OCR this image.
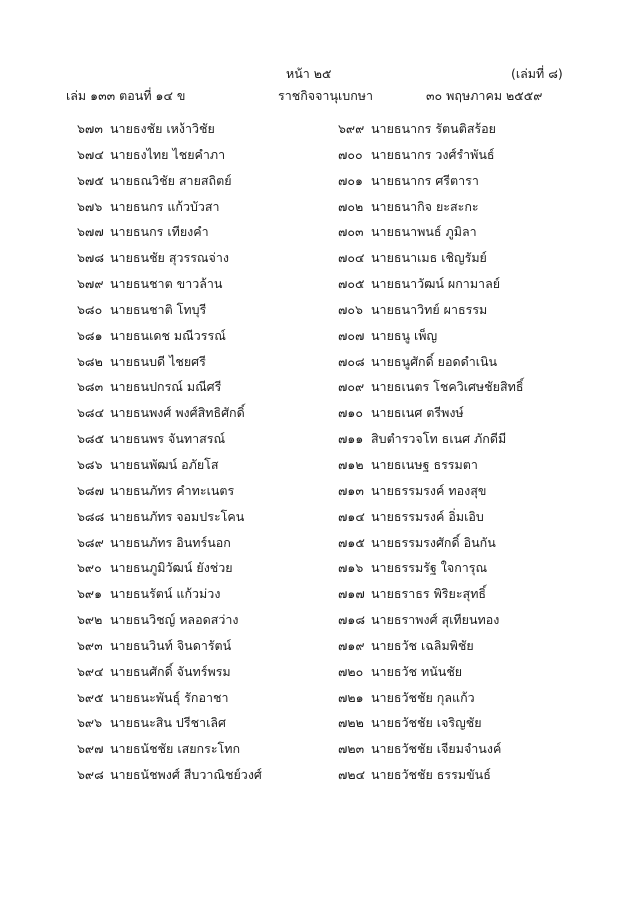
หน้า ๒๕	(เล่มที่ ๘)
เล่ม ๑๓๓ ตอนที่ ๑๔ ข	ราชกิจจานุเบกษา	๓๐ พฤษภาคม ๒๕๕๙
๖๗๓ นายธงชัย เหง้าวิชัย
๖๗๔ นายธงไทย ไชยคำภา
๖๗๕ นายธณวิชัย สายสถิตย์
๖๗๖ นายธนกร แก้วบัวสา
๖๗๗ นายธนกร เทียงคำ
๖๗๘ นายธนชัย สุวรรณจ่าง
๖๗๙ นายธนชาต ขาวล้าน
๖๘๐ นายธนชาติ โทบุรี
๖๘๑ นายธนเดช มณีวรรณ์
๖๘๒ นายธนบดี ไชยศรี
๖๘๓ นายธนปกรณ์ มณีศรี
๖๘๔ นายธนพงศ์ พงศ์สิทธิศักดิ์
๖๘๕ นายธนพร จันทาสรณ์
๖๘๖ นายธนพัฒน์ อภัยโส
๖๘๗ นายธนภัทร คำทะเนตร
๖๘๘ นายธนภัทร จอมประโคน
๖๘๙ นายธนภัทร อินทร์นอก
๖๙๐ นายธนภูมิวัฒน์ ยังช่วย
๖๙๑ นายธนรัตน์ แก้วม่วง
๖๙๒ นายธนวิชญ์ หลอดสว่าง
๖๙๓ นายธนวินท์ จินดารัตน์
๖๙๔ นายธนศักดิ์ จันทร์พรม
๖๙๕ นายธนะพันธุ์ รักอาชา
๖๙๖ นายธนะสิน ปรีชาเลิศ
๖๙๗ นายธนัชชัย เสยกระโทก
๖๙๘ นายธนัชพงศ์ สีบวาณิชย์วงศ์
๖๙๙ นายธนากร รัตนติสร้อย
๗๐๐ นายธนากร วงศ์รำพันธ์
๗๐๑ นายธนากร ศรีตารา
๗๐๒ นายธนากิจ ยะสะกะ
๗๐๓ นายธนาพนธ์ ภูมิลา
๗๐๔ นายธนาเมธ เชิญรัมย์
๗๐๕ นายธนาวัฒน์ ผกามาลย์
๗๐๖ นายธนาวิทย์ ผาธรรม
๗๐๗ นายธนู เพ็ญ
๗๐๘ นายธนูศักดิ์ ยอดดำเนิน
๗๐๙ นายธเนตร โชควิเศษชัยสิทธิ์
๗๑๐ นายธเนศ ตรีพงษ์
๗๑๑ สิบตำรวจโท ธเนศ ภักดีมี
๗๑๒ นายธเนษฐ ธรรมตา
๗๑๓ นายธรรมรงค์ ทองสุข
๗๑๔ นายธรรมรงค์ อิ่มเอิบ
๗๑๕ นายธรรมรงศักดิ์ อินกัน
๗๑๖ นายธรรมรัฐ ใจการุณ
๗๑๗ นายธราธร พิริยะสุทธิ์
๗๑๘ นายธราพงศ์ สุเทียนทอง
๗๑๙ นายธวัช เฉลิมพิชัย
๗๒๐ นายธวัช ทนันชัย
๗๒๑ นายธวัชชัย กุลแก้ว
๗๒๒ นายธวัชชัย เจริญชัย
๗๒๓ นายธวัชชัย เจียมจำนงค์
๗๒๔ นายธวัชชัย ธรรมขันธ์
